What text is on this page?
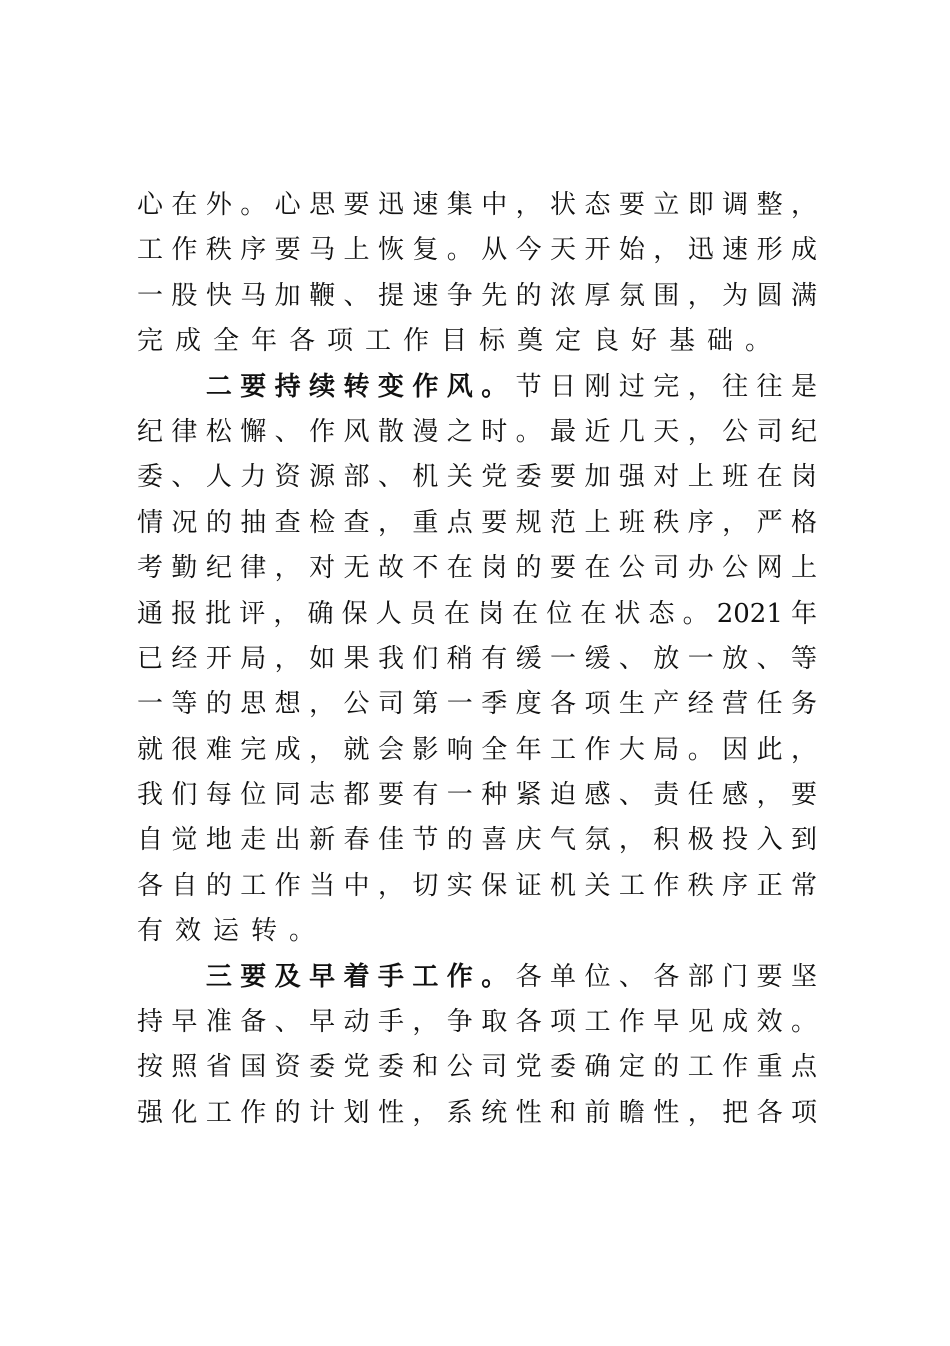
心在外。心思要迅速集中，状态要立即调整，
工作秩序要马上恢复。从今天开始，迅速形成
一股快马加鞭、提速争先的浓厚氛围，为圆满
完成全年各项工作目标奠定良好基础。
　　二要持续转变作风。节日刚过完，往往是
纪律松懈、作风散漫之时。最近几天，公司纪
委、人力资源部、机关党委要加强对上班在岗
情况的抽查检查，重点要规范上班秩序，严格
考勤纪律，对无故不在岗的要在公司办公网上
通报批评，确保人员在岗在位在状态。2021年
已经开局，如果我们稍有缓一缓、放一放、等
一等的思想，公司第一季度各项生产经营任务
就很难完成，就会影响全年工作大局。因此，
我们每位同志都要有一种紧迫感、责任感，要
自觉地走出新春佳节的喜庆气氛，积极投入到
各自的工作当中，切实保证机关工作秩序正常
有效运转。
　　三要及早着手工作。各单位、各部门要坚
持早准备、早动手，争取各项工作早见成效。
按照省国资委党委和公司党委确定的工作重点
强化工作的计划性，系统性和前瞻性，把各项
